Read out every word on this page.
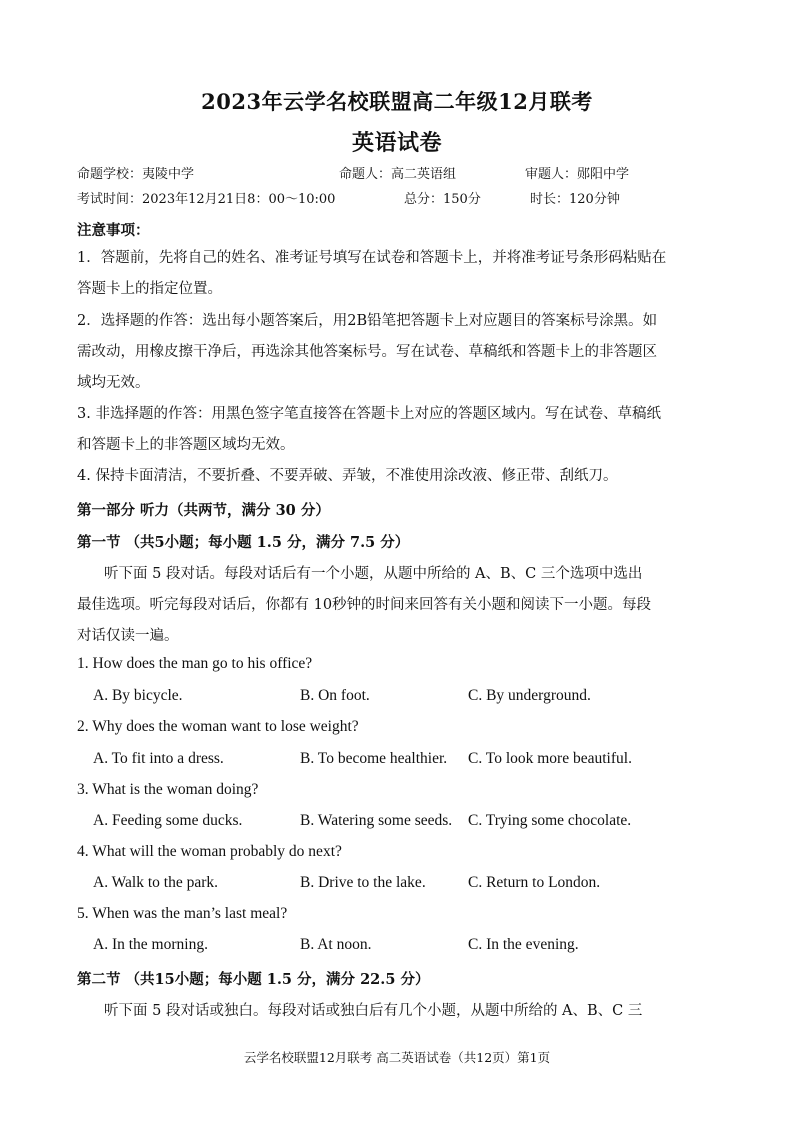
2023年云学名校联盟高二年级12月联考
英语试卷
命题学校：夷陵中学	命题人：高二英语组	审题人：郧阳中学
考试时间：2023年12月21日8：00～10:00	总分：150分	时长：120分钟
注意事项：
1．答题前，先将自己的姓名、准考证号填写在试卷和答题卡上，并将准考证号条形码粘贴在
答题卡上的指定位置。
2．选择题的作答：选出每小题答案后，用2B铅笔把答题卡上对应题目的答案标号涂黑。如
需改动，用橡皮擦干净后，再选涂其他答案标号。写在试卷、草稿纸和答题卡上的非答题区
域均无效。
3. 非选择题的作答：用黑色签字笔直接答在答题卡上对应的答题区域内。写在试卷、草稿纸
和答题卡上的非答题区域均无效。
4. 保持卡面清洁，不要折叠、不要弄破、弄皱，不准使用涂改液、修正带、刮纸刀。
第一部分 听力（共两节，满分 30 分）
第一节 （共5小题；每小题 1.5 分，满分 7.5 分）
听下面 5 段对话。每段对话后有一个小题，从题中所给的 A、B、C 三个选项中选出
最佳选项。听完每段对话后，你都有 10秒钟的时间来回答有关小题和阅读下一小题。每段
对话仅读一遍。
1. How does the man go to his office?
A. By bicycle.	B. On foot.	C. By underground.
2. Why does the woman want to lose weight?
A. To fit into a dress.	B. To become healthier. C. To look more beautiful.
3. What is the woman doing?
A. Feeding some ducks.	B. Watering some seeds. C. Trying some chocolate.
4. What will the woman probably do next?
A. Walk to the park.	B. Drive to the lake.	C. Return to London.
5. When was the man’s last meal?
A. In the morning.	B. At noon.	C. In the evening.
第二节 （共15小题；每小题 1.5 分，满分 22.5 分）
听下面 5 段对话或独白。每段对话或独白后有几个小题，从题中所给的 A、B、C 三
云学名校联盟12月联考 高二英语试卷（共12页）第1页
